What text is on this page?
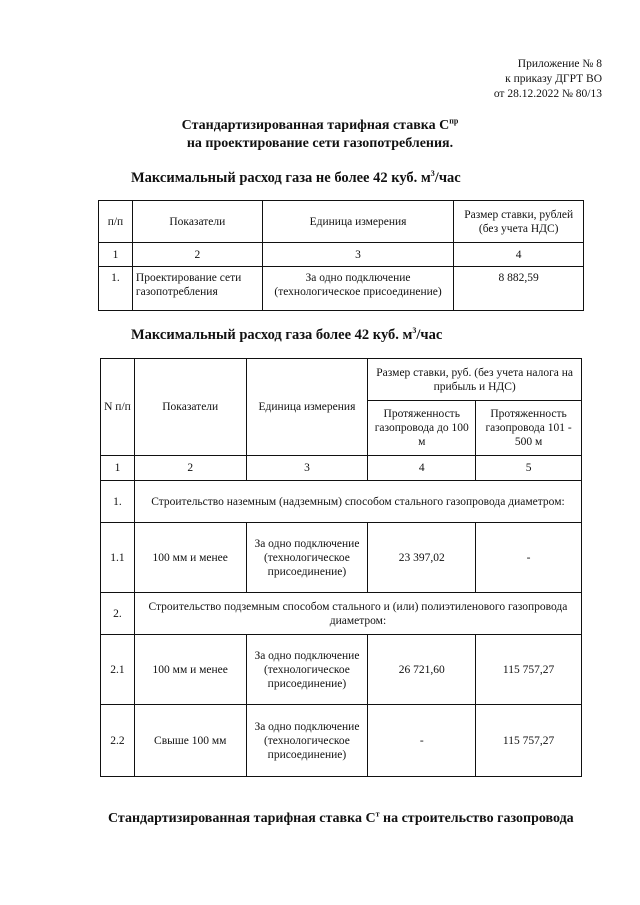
Приложение № 8
к приказу ДГРТ ВО
от 28.12.2022 № 80/13
Стандартизированная тарифная ставка $С^{пр}$
на проектирование сети газопотребления.
Максимальный расход газа не более 42 куб. $м^3$/час
п/п	Показатели	Единица измерения	Размер ставки, рублей (без учета НДС)
1	2	3	4
1.	Проектирование сети газопотребления	За одно подключение (технологическое присоединение)	8 882,59
Максимальный расход газа более 42 куб. $м^3$/час
N п/п	Показатели	Единица измерения	Размер ставки, руб. (без учета налога на прибыль и НДС)	
			Протяженность газопровода до 100 м	Протяженность газопровода 101 - 500 м
1	2	3	4	5
1.	Строительство наземным (надземным) способом стального газопровода диаметром:			
1.1	100 мм и менее	За одно подключение (технологическое присоединение)	23 397,02	-
2.	Строительство подземным способом стального и (или) полиэтиленового газопровода диаметром:			
2.1	100 мм и менее	За одно подключение (технологическое присоединение)	26 721,60	115 757,27
2.2	Свыше 100 мм	За одно подключение (технологическое присоединение)	-	115 757,27
Стандартизированная тарифная ставка $С^т$ на строительство газопровода
